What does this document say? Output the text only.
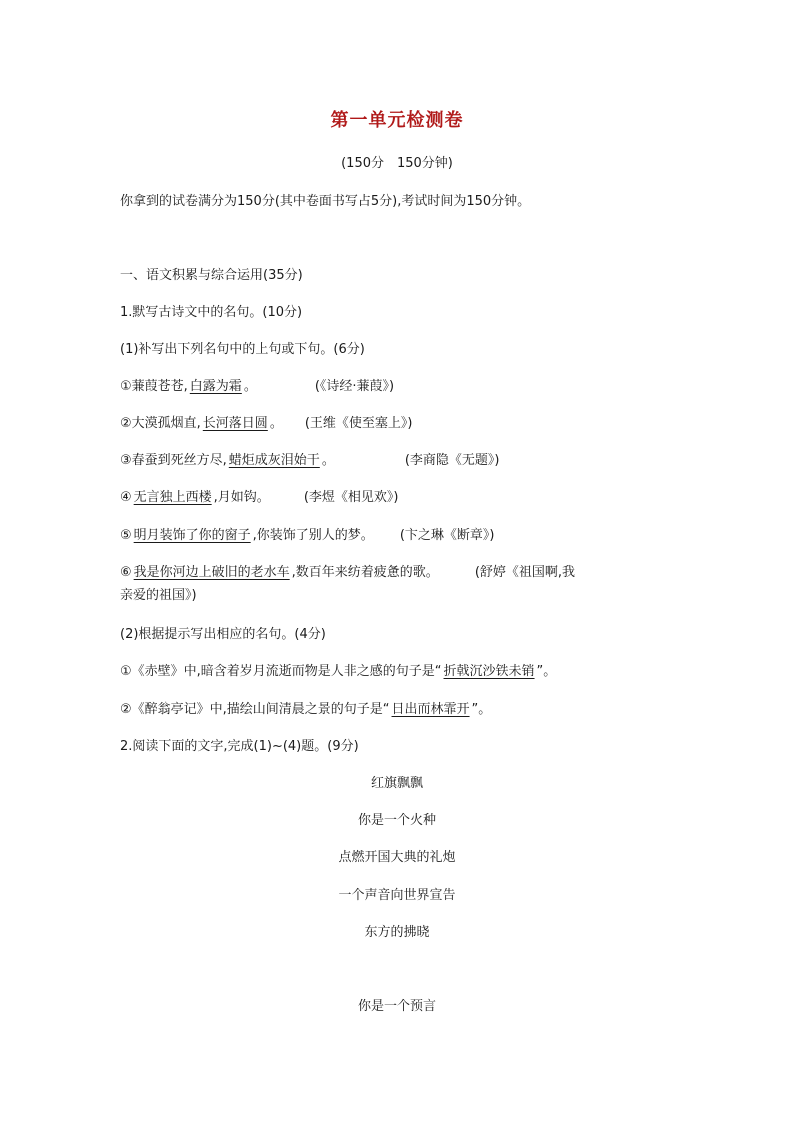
第一单元检测卷
(150分　150分钟)
你拿到的试卷满分为150分(其中卷面书写占5分),考试时间为150分钟。
一、语文积累与综合运用(35分)
1.默写古诗文中的名句。(10分)
(1)补写出下列名句中的上句或下句。(6分)
①蒹葭苍苍, 白露为霜 。	(《诗经·蒹葭》)
②大漠孤烟直, 长河落日圆 。 (王维《使至塞上》)
③春蚕到死丝方尽, 蜡炬成灰泪始干 。	(李商隐《无题》)
④ 无言独上西楼 ,月如钩。	(李煜《相见欢》)
⑤ 明月装饰了你的窗子 ,你装饰了别人的梦。 (卞之琳《断章》)
⑥ 我是你河边上破旧的老水车 ,数百年来纺着疲惫的歌。	(舒婷《祖国啊,我
亲爱的祖国》)
(2)根据提示写出相应的名句。(4分)
①《赤壁》中,暗含着岁月流逝而物是人非之感的句子是“ 折戟沉沙铁未销 ”。
②《醉翁亭记》中,描绘山间清晨之景的句子是“ 日出而林霏开 ”。
2.阅读下面的文字,完成(1)~(4)题。(9分)
红旗飘飘
你是一个火种
点燃开国大典的礼炮
一个声音向世界宣告
东方的拂晓
你是一个预言
